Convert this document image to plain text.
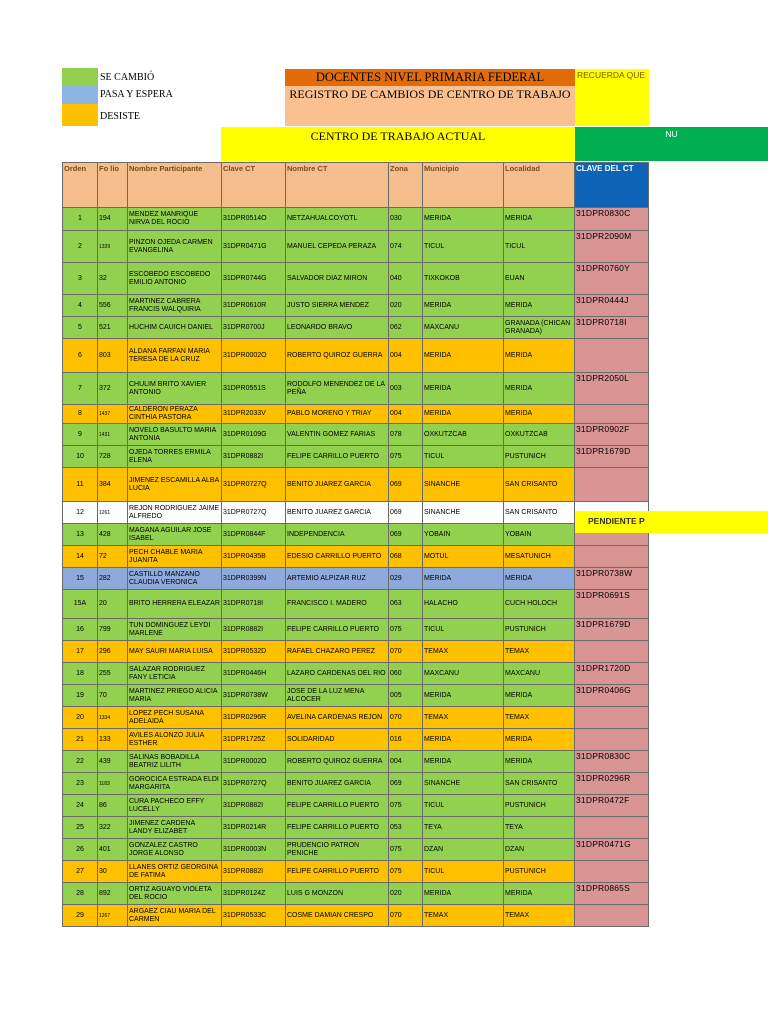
SE CAMBIÓ
PASA Y ESPERA
DESISTE
DOCENTES NIVEL PRIMARIA FEDERAL
REGISTRO DE CAMBIOS DE CENTRO DE TRABAJO
RECUERDA QUE
CENTRO DE TRABAJO ACTUAL	NU
Orden	Fo lio	Nombre Participante	Clave CT	Nombre CT	Zona	Municipio	Localidad	CLAVE DEL CT
1	194	MENDEZ MANRIQUE NIRVA DEL ROCIO	31DPR0514O	NETZAHUALCOYOTL	030	MERIDA	MERIDA	31DPR0830C
2	1339	PINZON OJEDA CARMEN EVANGELINA	31DPR0471G	MANUEL CEPEDA PERAZA	074	TICUL	TICUL	31DPR2090M
3	32	ESCOBEDO ESCOBEDO EMILIO ANTONIO	31DPR0744G	SALVADOR DIAZ MIRON	040	TIXKOKOB	EUAN	31DPR0760Y
4	556	MARTINEZ CABRERA FRANCIS WALQUIRIA	31DPR0610R	JUSTO SIERRA MENDEZ	020	MERIDA	MERIDA	31DPR0444J
5	521	HUCHIM CAUICH DANIEL	31DPR0700J	LEONARDO BRAVO	062	MAXCANU	GRANADA (CHICAN GRANADA)	31DPR0718I
6	803	ALDANA FARFAN MARIA TERESA DE LA CRUZ	31DPR0002O	ROBERTO QUIROZ GUERRA	004	MERIDA	MERIDA	
7	372	CHULIM BRITO XAVIER ANTONIO	31DPR0551S	RODOLFO MENENDEZ DE LA PEÑA	003	MERIDA	MERIDA	31DPR2050L
8	1437	CALDERON PERAZA CINTHIA PASTORA	31DPR2033V	PABLO MORENO Y TRIAY	004	MERIDA	MERIDA	
9	1431	NOVELO BASULTO MARIA ANTONIA	31DPR0109G	VALENTIN GOMEZ FARIAS	078	OXKUTZCAB	OXKUTZCAB	31DPR0902F
10	728	OJEDA TORRES ERMILA ELENA	31DPR0882I	FELIPE CARRILLO PUERTO	075	TICUL	PUSTUNICH	31DPR1679D
11	384	JIMENEZ ESCAMILLA ALBA LUCIA	31DPR0727Q	BENITO JUAREZ GARCIA	069	SINANCHE	SAN CRISANTO	
12	1261	REJON RODRIGUEZ JAIME ALFREDO	31DPR0727Q	BENITO JUAREZ GARCIA	069	SINANCHE	SAN CRISANTO	
13	428	MAGANA AGUILAR JOSE ISABEL	31DPR0844F	INDEPENDENCIA	069	YOBAIN	YOBAIN	
14	72	PECH CHABLE MARIA JUANITA	31DPR0435B	EDESIO CARRILLO PUERTO	068	MOTUL	MESATUNICH	
15	282	CASTILLO MANZANO CLAUDIA VERONICA	31DPR0399N	ARTEMIO ALPIZAR RUZ	029	MERIDA	MERIDA	31DPR0738W
15A	20	BRITO HERRERA ELEAZAR	31DPR0718I	FRANCISCO I. MADERO	063	HALACHO	CUCH HOLOCH	31DPR0691S
16	799	TUN DOMINGUEZ LEYDI MARLENE	31DPR0882I	FELIPE CARRILLO PUERTO	075	TICUL	PUSTUNICH	31DPR1679D
17	296	MAY SAURI MARIA LUISA	31DPR0532D	RAFAEL CHAZARO PEREZ	070	TEMAX	TEMAX	
18	255	SALAZAR RODRIGUEZ FANY LETICIA	31DPR0446H	LAZARO CARDENAS DEL RIO	060	MAXCANU	MAXCANU	31DPR1720D
19	70	MARTINEZ PRIEGO ALICIA MARIA	31DPR0738W	JOSE DE LA LUZ MENA ALCOCER	005	MERIDA	MERIDA	31DPR0406G
20	1334	LOPEZ PECH SUSANA ADELAIDA	31DPR0296R	AVELINA CARDENAS REJON	070	TEMAX	TEMAX	
21	133	AVILES ALONZO JULIA ESTHER	31DPR1725Z	SOLIDARIDAD	016	MERIDA	MERIDA	
22	439	SALINAS BOBADILLA BEATRIZ LILITH	31DPR0002O	ROBERTO QUIROZ GUERRA	004	MERIDA	MERIDA	31DPR0830C
23	1183	GOROCICA ESTRADA ELDI MARGARITA	31DPR0727Q	BENITO JUAREZ GARCIA	069	SINANCHE	SAN CRISANTO	31DPR0296R
24	86	CURA PACHECO EFFY LUCELLY	31DPR0882I	FELIPE CARRILLO PUERTO	075	TICUL	PUSTUNICH	31DPR0472F
25	322	JIMENEZ CARDENA LANDY ELIZABET	31DPR0214R	FELIPE CARRILLO PUERTO	053	TEYA	TEYA	
26	401	GONZALEZ CASTRO JORGE ALONSO	31DPR0003N	PRUDENCIO PATRON PENICHE	075	DZAN	DZAN	31DPR0471G
27	30	LLANES ORTIZ GEORGINA DE FATIMA	31DPR0882I	FELIPE CARRILLO PUERTO	075	TICUL	PUSTUNICH	
28	892	ORTIZ AGUAYO VIOLETA DEL ROCIO	31DPR0124Z	LUIS G MONZON	020	MERIDA	MERIDA	31DPR0865S
29	1267	ARGAEZ CIAU MARIA DEL CARMEN	31DPR0533C	COSME DAMIAN CRESPO	070	TEMAX	TEMAX	
PENDIENTE P
